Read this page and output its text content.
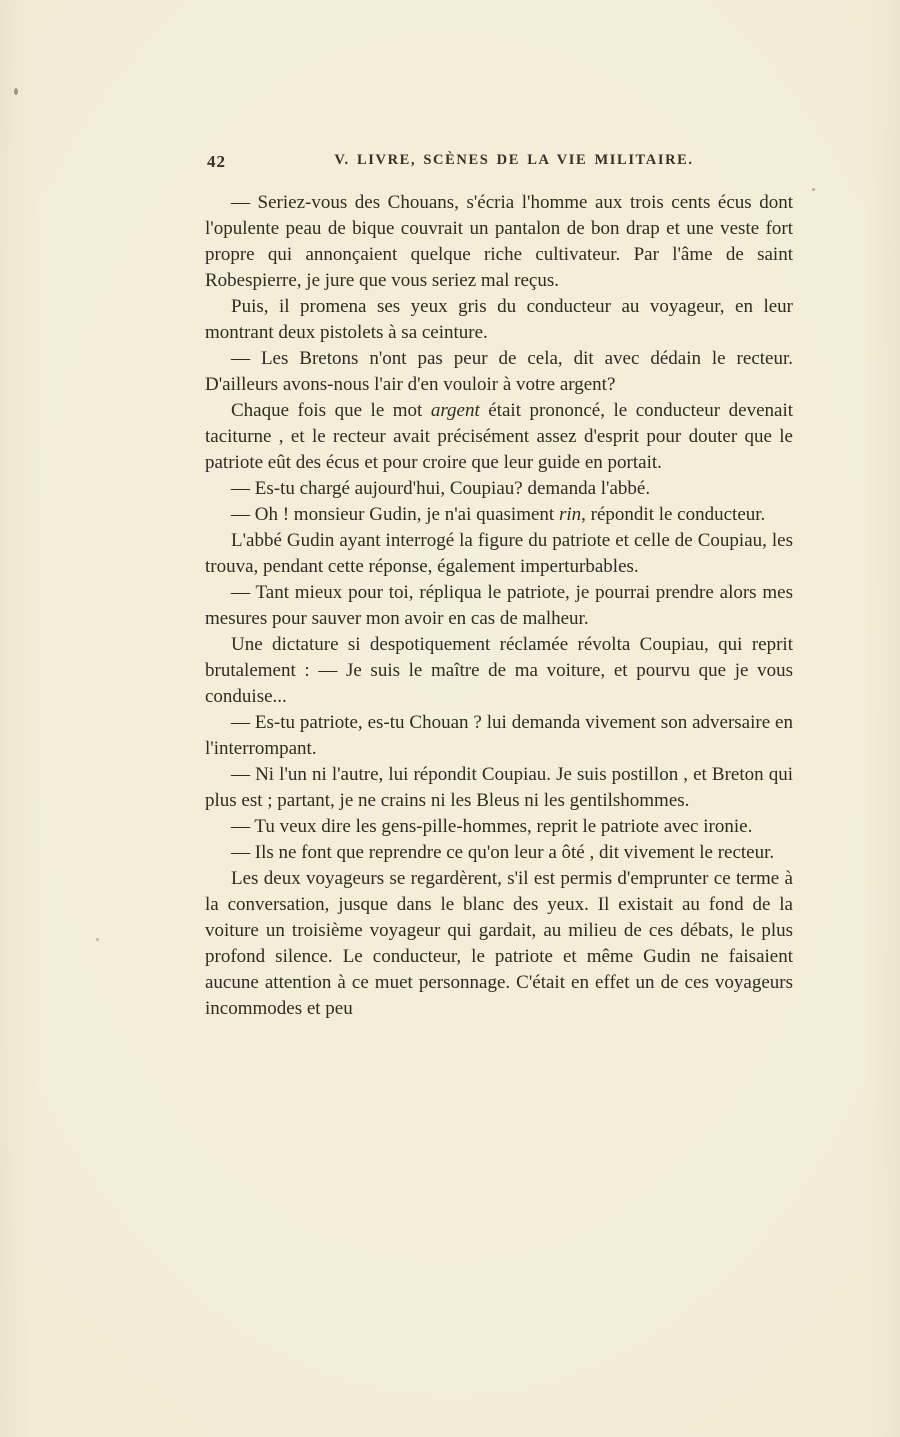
42	V. LIVRE, SCÈNES DE LA VIE MILITAIRE.

— Seriez-vous des Chouans, s'écria l'homme aux trois cents écus dont l'opulente peau de bique couvrait un pantalon de bon drap et une veste fort propre qui annonçaient quelque riche cultivateur. Par l'âme de saint Robespierre, je jure que vous seriez mal reçus.

Puis, il promena ses yeux gris du conducteur au voyageur, en leur montrant deux pistolets à sa ceinture.

— Les Bretons n'ont pas peur de cela, dit avec dédain le recteur. D'ailleurs avons-nous l'air d'en vouloir à votre argent?

Chaque fois que le mot argent était prononcé, le conducteur devenait taciturne , et le recteur avait précisément assez d'esprit pour douter que le patriote eût des écus et pour croire que leur guide en portait.

— Es-tu chargé aujourd'hui, Coupiau? demanda l'abbé.

— Oh ! monsieur Gudin, je n'ai quasiment rin, répondit le conducteur.

L'abbé Gudin ayant interrogé la figure du patriote et celle de Coupiau, les trouva, pendant cette réponse, également imperturbables.

— Tant mieux pour toi, répliqua le patriote, je pourrai prendre alors mes mesures pour sauver mon avoir en cas de malheur.

Une dictature si despotiquement réclamée révolta Coupiau, qui reprit brutalement : — Je suis le maître de ma voiture, et pourvu que je vous conduise...

— Es-tu patriote, es-tu Chouan ? lui demanda vivement son adversaire en l'interrompant.

— Ni l'un ni l'autre, lui répondit Coupiau. Je suis postillon , et Breton qui plus est ; partant, je ne crains ni les Bleus ni les gentilshommes.

— Tu veux dire les gens-pille-hommes, reprit le patriote avec ironie.

— Ils ne font que reprendre ce qu'on leur a ôté , dit vivement le recteur.

Les deux voyageurs se regardèrent, s'il est permis d'emprunter ce terme à la conversation, jusque dans le blanc des yeux. Il existait au fond de la voiture un troisième voyageur qui gardait, au milieu de ces débats, le plus profond silence. Le conducteur, le patriote et même Gudin ne faisaient aucune attention à ce muet personnage. C'était en effet un de ces voyageurs incommodes et peu
